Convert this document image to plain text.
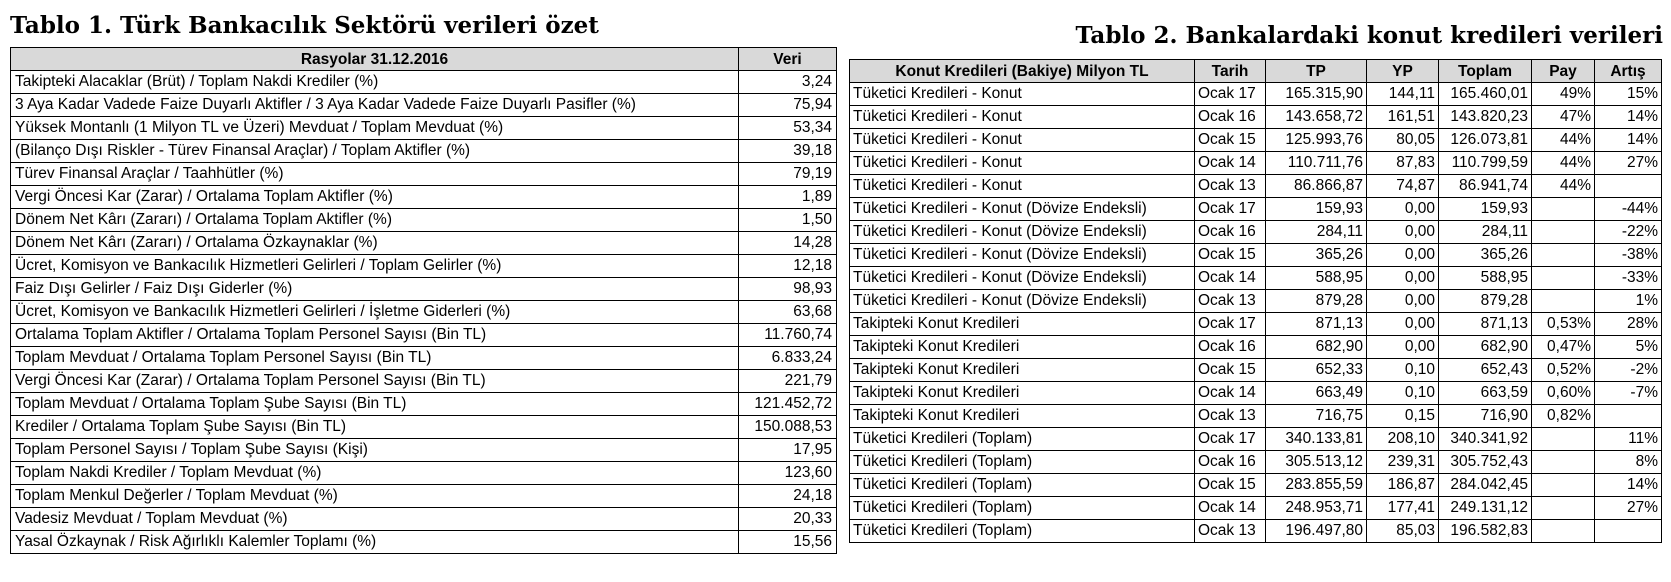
Tablo 1. Türk Bankacılık Sektörü verileri özet	Tablo 2. Bankalardaki konut kredileri verileri
Rasyolar 31.12.2016	Veri
Takipteki Alacaklar (Brüt) / Toplam Nakdi Krediler (%)	3,24
3 Aya Kadar Vadede Faize Duyarlı Aktifler / 3 Aya Kadar Vadede Faize Duyarlı Pasifler (%)	75,94
Yüksek Montanlı (1 Milyon TL ve Üzeri) Mevduat / Toplam Mevduat (%)	53,34
(Bilanço Dışı Riskler - Türev Finansal Araçlar) / Toplam Aktifler (%)	39,18
Türev Finansal Araçlar / Taahhütler (%)	79,19
Vergi Öncesi Kar (Zarar) / Ortalama Toplam Aktifler (%)	1,89
Dönem Net Kârı (Zararı) / Ortalama Toplam Aktifler (%)	1,50
Dönem Net Kârı (Zararı) / Ortalama Özkaynaklar (%)	14,28
Ücret, Komisyon ve Bankacılık Hizmetleri Gelirleri / Toplam Gelirler (%)	12,18
Faiz Dışı Gelirler / Faiz Dışı Giderler (%)	98,93
Ücret, Komisyon ve Bankacılık Hizmetleri Gelirleri / İşletme Giderleri (%)	63,68
Ortalama Toplam Aktifler / Ortalama Toplam Personel Sayısı (Bin TL)	11.760,74
Toplam Mevduat / Ortalama Toplam Personel Sayısı (Bin TL)	6.833,24
Vergi Öncesi Kar (Zarar) / Ortalama Toplam Personel Sayısı (Bin TL)	221,79
Toplam Mevduat / Ortalama Toplam Şube Sayısı (Bin TL)	121.452,72
Krediler / Ortalama Toplam Şube Sayısı (Bin TL)	150.088,53
Toplam Personel Sayısı / Toplam Şube Sayısı (Kişi)	17,95
Toplam Nakdi Krediler / Toplam Mevduat (%)	123,60
Toplam Menkul Değerler / Toplam Mevduat (%)	24,18
Vadesiz Mevduat / Toplam Mevduat (%)	20,33
Yasal Özkaynak / Risk Ağırlıklı Kalemler Toplamı (%)	15,56
Konut Kredileri (Bakiye) Milyon TL	Tarih	TP	YP	Toplam	Pay	Artış
Tüketici Kredileri - Konut	Ocak 17	165.315,90	144,11	165.460,01	49%	15%
Tüketici Kredileri - Konut	Ocak 16	143.658,72	161,51	143.820,23	47%	14%
Tüketici Kredileri - Konut	Ocak 15	125.993,76	80,05	126.073,81	44%	14%
Tüketici Kredileri - Konut	Ocak 14	110.711,76	87,83	110.799,59	44%	27%
Tüketici Kredileri - Konut	Ocak 13	86.866,87	74,87	86.941,74	44%	
Tüketici Kredileri - Konut (Dövize Endeksli)	Ocak 17	159,93	0,00	159,93		-44%
Tüketici Kredileri - Konut (Dövize Endeksli)	Ocak 16	284,11	0,00	284,11		-22%
Tüketici Kredileri - Konut (Dövize Endeksli)	Ocak 15	365,26	0,00	365,26		-38%
Tüketici Kredileri - Konut (Dövize Endeksli)	Ocak 14	588,95	0,00	588,95		-33%
Tüketici Kredileri - Konut (Dövize Endeksli)	Ocak 13	879,28	0,00	879,28		1%
Takipteki Konut Kredileri	Ocak 17	871,13	0,00	871,13	0,53%	28%
Takipteki Konut Kredileri	Ocak 16	682,90	0,00	682,90	0,47%	5%
Takipteki Konut Kredileri	Ocak 15	652,33	0,10	652,43	0,52%	-2%
Takipteki Konut Kredileri	Ocak 14	663,49	0,10	663,59	0,60%	-7%
Takipteki Konut Kredileri	Ocak 13	716,75	0,15	716,90	0,82%	
Tüketici Kredileri (Toplam)	Ocak 17	340.133,81	208,10	340.341,92		11%
Tüketici Kredileri (Toplam)	Ocak 16	305.513,12	239,31	305.752,43		8%
Tüketici Kredileri (Toplam)	Ocak 15	283.855,59	186,87	284.042,45		14%
Tüketici Kredileri (Toplam)	Ocak 14	248.953,71	177,41	249.131,12		27%
Tüketici Kredileri (Toplam)	Ocak 13	196.497,80	85,03	196.582,83		
